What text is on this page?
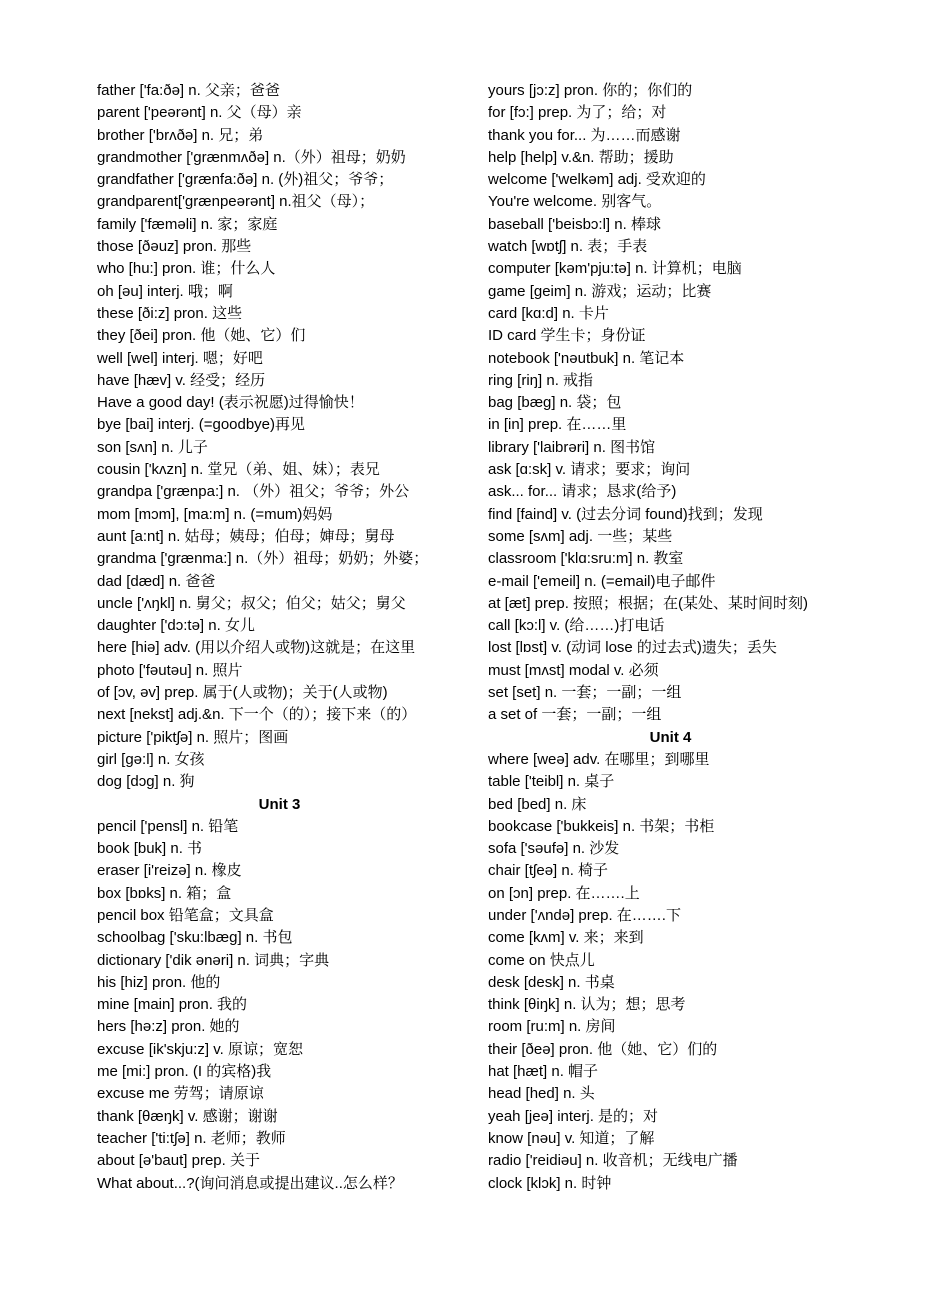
father ['fa:ðə] n. 父亲；爸爸
parent ['peərənt] n. 父（母）亲
brother ['brʌðə] n. 兄；弟
grandmother ['grænmʌðə] n.（外）祖母；奶奶
grandfather ['grænfa:ðə] n. (外)祖父；爷爷；
grandparent['grænpeərənt] n.祖父（母）；
family ['fæməli] n. 家；家庭
those [ðəuz] pron. 那些
who [hu:] pron. 谁；什么人
oh [əu] interj. 哦；啊
these [ði:z] pron. 这些
they [ðei] pron. 他（她、它）们
well [wel] interj. 嗯；好吧
have [hæv] v. 经受；经历
Have a good day! (表示祝愿)过得愉快！
bye [bai] interj. (=goodbye)再见
son [sʌn] n. 儿子
cousin ['kʌzn] n. 堂兄（弟、姐、妹）；表兄
grandpa ['grænpa:] n. （外）祖父；爷爷；外公
mom [mɔm], [ma:m] n. (=mum)妈妈
aunt [a:nt] n. 姑母；姨母；伯母；婶母；舅母
grandma ['grænma:] n.（外）祖母；奶奶；外婆；
dad [dæd] n. 爸爸
uncle ['ʌŋkl] n. 舅父；叔父；伯父；姑父；舅父
daughter ['dɔ:tə] n. 女儿
here [hiə] adv. (用以介绍人或物)这就是；在这里
photo ['fəutəu] n. 照片
of [ɔv, əv] prep. 属于(人或物)；关于(人或物)
next [nekst] adj.&n. 下一个（的）；接下来（的）
picture ['piktʃə] n. 照片；图画
girl [gə:l] n. 女孩
dog [dɔg] n. 狗
Unit 3
pencil ['pensl] n. 铅笔
book [buk] n. 书
eraser [i'reizə] n. 橡皮
box [bɒks] n. 箱；盒
pencil box 铅笔盒；文具盒
schoolbag ['sku:lbæg] n. 书包
dictionary ['dik ənəri] n. 词典；字典
his [hiz] pron. 他的
mine [main] pron. 我的
hers [hə:z] pron. 她的
excuse [ik'skju:z] v. 原谅；宽恕
me [mi:] pron. (I 的宾格)我
excuse me 劳驾；请原谅
thank [θæŋk] v. 感谢；谢谢
teacher ['ti:tʃə] n. 老师；教师
about [ə'baut] prep. 关于
What about...?(询问消息或提出建议..怎么样？
yours [jɔ:z] pron. 你的；你们的
for [fɔ:] prep. 为了；给；对
thank you for... 为……而感谢
help [help] v.&n. 帮助；援助
welcome ['welkəm] adj. 受欢迎的
You're welcome. 别客气。
baseball ['beisbɔ:l] n. 棒球
watch [wɒtʃ] n. 表；手表
computer [kəm'pju:tə] n. 计算机；电脑
game [geim] n. 游戏；运动；比赛
card [kɑ:d] n. 卡片
ID card 学生卡；身份证
notebook ['nəutbuk] n. 笔记本
ring [riŋ] n. 戒指
bag [bæg] n. 袋；包
in [in] prep. 在……里
library ['laibrəri] n. 图书馆
ask [ɑ:sk] v. 请求；要求；询问
ask... for... 请求；恳求(给予)
find [faind] v. (过去分词 found)找到；发现
some [sʌm] adj. 一些；某些
classroom ['klɑ:sru:m] n. 教室
e-mail ['emeil] n. (=email)电子邮件
at [æt] prep. 按照；根据；在(某处、某时间时刻)
call [kɔ:l] v. (给……)打电话
lost [lɒst] v. (动词 lose 的过去式)遗失；丢失
must [mʌst] modal v. 必须
set [set] n. 一套；一副；一组
a set of 一套；一副；一组
Unit 4
where [weə] adv. 在哪里；到哪里
table ['teibl] n. 桌子
bed [bed] n. 床
bookcase ['bukkeis] n. 书架；书柜
sofa ['səufə] n. 沙发
chair [tʃeə] n. 椅子
on [ɔn] prep. 在…….上
under ['ʌndə] prep. 在…….下
come [kʌm] v. 来；来到
come on 快点儿
desk [desk] n. 书桌
think [θiŋk] n. 认为；想；思考
room [ru:m] n. 房间
their [ðeə] pron. 他（她、它）们的
hat [hæt] n. 帽子
head [hed] n. 头
yeah [jeə] interj. 是的；对
know [nəu] v. 知道；了解
radio ['reidiəu] n. 收音机；无线电广播
clock [klɔk] n. 时钟
